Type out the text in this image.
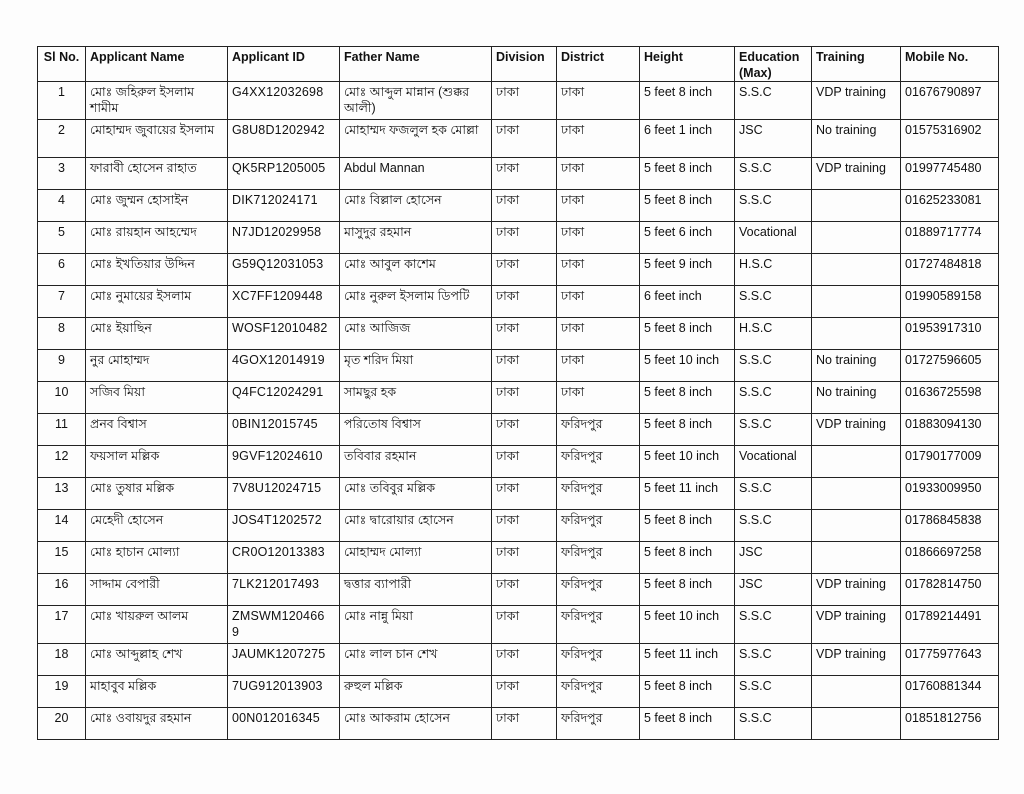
Sl No.	Applicant Name	Applicant ID	Father Name	Division	District	Height	Education (Max)	Training	Mobile No.
1	মোঃ জহিরুল ইসলাম শামীম	G4XX12032698	মোঃ আব্দুল মান্নান (শুক্কর আলী)	ঢাকা	ঢাকা	5 feet 8 inch	S.S.C	VDP training	01676790897
2	মোহাম্মদ জুবায়ের ইসলাম	G8U8D1202942	মোহাম্মদ ফজলুল হক মোল্লা	ঢাকা	ঢাকা	6 feet 1 inch	JSC	No training	01575316902
3	ফারাবী হোসেন রাহাত	QK5RP1205005	Abdul Mannan	ঢাকা	ঢাকা	5 feet 8 inch	S.S.C	VDP training	01997745480
4	মোঃ জুম্মন হোসাইন	DIK712024171	মোঃ বিল্লাল হোসেন	ঢাকা	ঢাকা	5 feet 8 inch	S.S.C		01625233081
5	মোঃ রায়হান আহম্মেদ	N7JD12029958	মাসুদুর রহমান	ঢাকা	ঢাকা	5 feet 6 inch	Vocational		01889717774
6	মোঃ ইখতিয়ার উদ্দিন	G59Q12031053	মোঃ আবুল কাশেম	ঢাকা	ঢাকা	5 feet 9 inch	H.S.C		01727484818
7	মোঃ নুমায়ের ইসলাম	XC7FF1209448	মোঃ নুরুল ইসলাম ডিপটি	ঢাকা	ঢাকা	6 feet inch	S.S.C		01990589158
8	মোঃ ইয়াছিন	WOSF12010482	মোঃ আজিজ	ঢাকা	ঢাকা	5 feet 8 inch	H.S.C		01953917310
9	নুর মোহাম্মদ	4GOX12014919	মৃত শরিদ মিয়া	ঢাকা	ঢাকা	5 feet 10 inch	S.S.C	No training	01727596605
10	সজিব মিয়া	Q4FC12024291	সামছুর হক	ঢাকা	ঢাকা	5 feet 8 inch	S.S.C	No training	01636725598
11	প্রনব বিশ্বাস	0BIN12015745	পরিতোষ বিশ্বাস	ঢাকা	ফরিদপুর	5 feet 8 inch	S.S.C	VDP training	01883094130
12	ফয়সাল মল্লিক	9GVF12024610	তবিবার রহমান	ঢাকা	ফরিদপুর	5 feet 10 inch	Vocational		01790177009
13	মোঃ তুষার মল্লিক	7V8U12024715	মোঃ তবিবুর মল্লিক	ঢাকা	ফরিদপুর	5 feet 11 inch	S.S.C		01933009950
14	মেহেদী হোসেন	JOS4T1202572	মোঃ দ্বারোয়ার হোসেন	ঢাকা	ফরিদপুর	5 feet 8 inch	S.S.C		01786845838
15	মোঃ হাচান মোল্যা	CR0O12013383	মোহাম্মদ মোল্যা	ঢাকা	ফরিদপুর	5 feet 8 inch	JSC		01866697258
16	সাদ্দাম বেপারী	7LK212017493	দ্বত্তার ব্যাপারী	ঢাকা	ফরিদপুর	5 feet 8 inch	JSC	VDP training	01782814750
17	মোঃ খায়রুল আলম	ZMSWM120466 9	মোঃ নান্নু মিয়া	ঢাকা	ফরিদপুর	5 feet 10 inch	S.S.C	VDP training	01789214491
18	মোঃ আব্দুল্লাহ শেখ	JAUMK1207275	মোঃ লাল চান শেখ	ঢাকা	ফরিদপুর	5 feet 11 inch	S.S.C	VDP training	01775977643
19	মাহাবুব মল্লিক	7UG912013903	রুহুল মল্লিক	ঢাকা	ফরিদপুর	5 feet 8 inch	S.S.C		01760881344
20	মোঃ ওবায়দুর রহমান	00N012016345	মোঃ আকরাম হোসেন	ঢাকা	ফরিদপুর	5 feet 8 inch	S.S.C		01851812756
